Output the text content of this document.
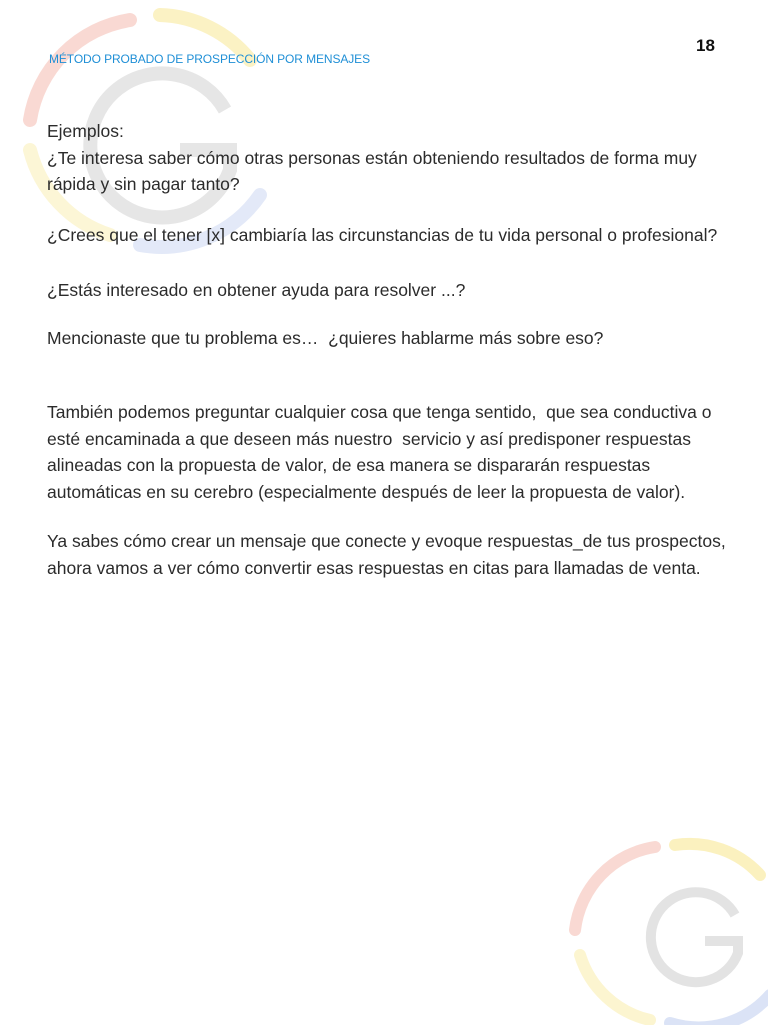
MÉTODO PROBADO DE PROSPECCIÓN POR MENSAJES
18

Ejemplos:

¿Te interesa saber cómo otras personas están obteniendo resultados de forma muy rápida y sin pagar tanto?

¿Crees que el tener [x] cambiaría las circunstancias de tu vida personal o profesional?

¿Estás interesado en obtener ayuda para resolver ...?

Mencionaste que tu problema es…  ¿quieres hablarme más sobre eso?

También podemos preguntar cualquier cosa que tenga sentido,  que sea conductiva o esté encaminada a que deseen más nuestro  servicio y así predisponer respuestas alineadas con la propuesta de valor, de esa manera se dispararán respuestas automáticas en su cerebro (especialmente después de leer la propuesta de valor).

Ya sabes cómo crear un mensaje que conecte y evoque respuestas_de tus prospectos, ahora vamos a ver cómo convertir esas respuestas en citas para llamadas de venta.
